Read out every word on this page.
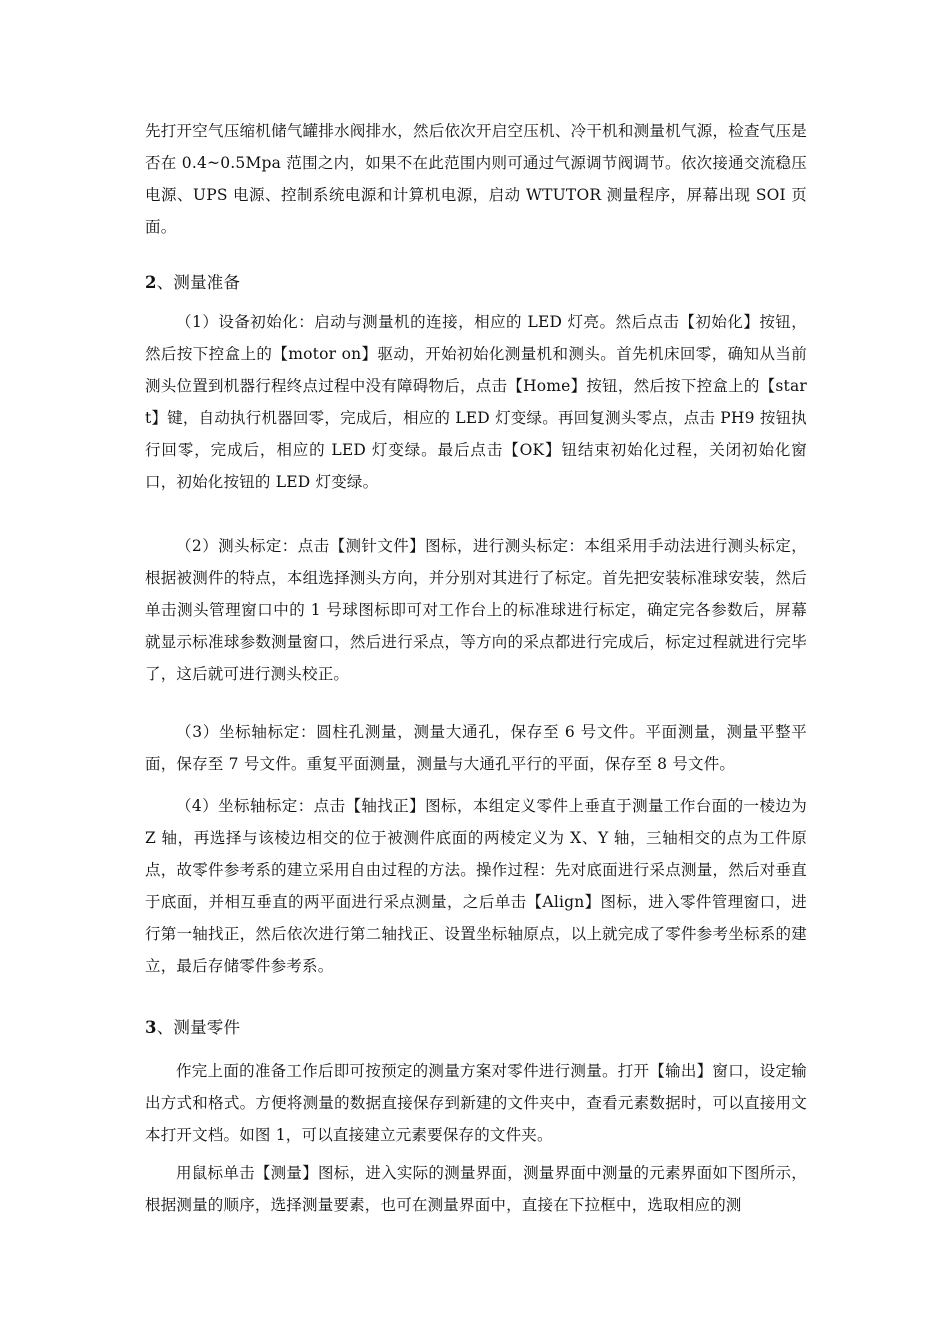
先打开空气压缩机储气罐排水阀排水，然后依次开启空压机、冷干机和测量机气源，检查气压是否在 0.4~0.5Mpa 范围之内，如果不在此范围内则可通过气源调节阀调节。依次接通交流稳压电源、UPS 电源、控制系统电源和计算机电源，启动 WTUTOR 测量程序，屏幕出现 SOI 页面。

2、测量准备

（1）设备初始化：启动与测量机的连接，相应的 LED 灯亮。然后点击【初始化】按钮，然后按下控盒上的【motor on】驱动，开始初始化测量机和测头。首先机床回零，确知从当前测头位置到机器行程终点过程中没有障碍物后，点击【Home】按钮，然后按下控盒上的【start】键，自动执行机器回零，完成后，相应的 LED 灯变绿。再回复测头零点，点击 PH9 按钮执行回零，完成后，相应的 LED 灯变绿。最后点击【OK】钮结束初始化过程，关闭初始化窗口，初始化按钮的 LED 灯变绿。

（2）测头标定：点击【测针文件】图标，进行测头标定：本组采用手动法进行测头标定，根据被测件的特点，本组选择测头方向，并分别对其进行了标定。首先把安装标准球安装，然后单击测头管理窗口中的 1 号球图标即可对工作台上的标准球进行标定，确定完各参数后，屏幕就显示标准球参数测量窗口，然后进行采点，等方向的采点都进行完成后，标定过程就进行完毕了，这后就可进行测头校正。

（3）坐标轴标定：圆柱孔测量，测量大通孔，保存至 6 号文件。平面测量，测量平整平面，保存至 7 号文件。重复平面测量，测量与大通孔平行的平面，保存至 8 号文件。

（4）坐标轴标定：点击【轴找正】图标，本组定义零件上垂直于测量工作台面的一棱边为 Z 轴，再选择与该棱边相交的位于被测件底面的两棱定义为 X、Y 轴，三轴相交的点为工件原点，故零件参考系的建立采用自由过程的方法。操作过程：先对底面进行采点测量，然后对垂直于底面，并相互垂直的两平面进行采点测量，之后单击【Align】图标，进入零件管理窗口，进行第一轴找正，然后依次进行第二轴找正、设置坐标轴原点，以上就完成了零件参考坐标系的建立，最后存储零件参考系。

3、测量零件

作完上面的准备工作后即可按预定的测量方案对零件进行测量。打开【输出】窗口，设定输出方式和格式。方便将测量的数据直接保存到新建的文件夹中，查看元素数据时，可以直接用文本打开文档。如图 1，可以直接建立元素要保存的文件夹。

用鼠标单击【测量】图标，进入实际的测量界面，测量界面中测量的元素界面如下图所示，根据测量的顺序，选择测量要素，也可在测量界面中，直接在下拉框中，选取相应的测
